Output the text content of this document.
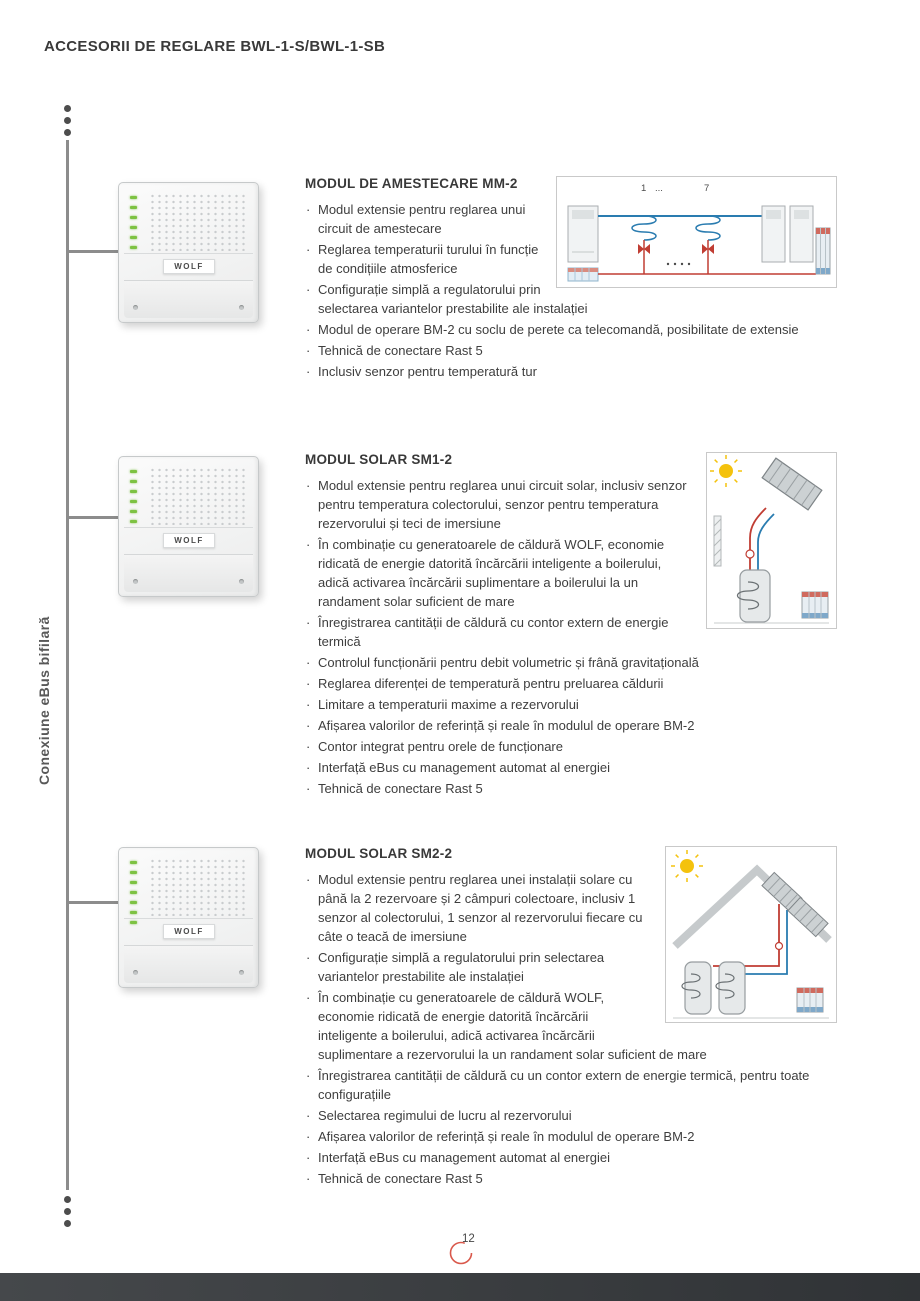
ACCESORII DE REGLARE BWL-1-S/BWL-1-SB
Conexiune eBus bifilară
WOLF
WOLF
WOLF
1 ...	7
MODUL DE AMESTECARE MM-2
· Modul extensie pentru reglarea unui circuit de amestecare
· Reglarea temperaturii turului în funcție de condițiile atmosferice
· Configurație simplă a regulatorului prin selectarea variantelor prestabilite ale instalației
· Modul de operare BM-2 cu soclu de perete ca telecomandă, posibilitate de extensie
· Tehnică de conectare Rast 5
· Inclusiv senzor pentru temperatură tur
MODUL SOLAR SM1-2
· Modul extensie pentru reglarea unui circuit solar, inclusiv senzor pentru temperatura colectorului, senzor pentru temperatura rezervorului și teci de imersiune
· În combinație cu generatoarele de căldură WOLF, economie ridicată de energie datorită încărcării inteligente a boilerului, adică activarea încărcării suplimentare a boilerului la un randament solar suficient de mare
· Înregistrarea cantității de căldură cu contor extern de energie termică
· Controlul funcționării pentru debit volumetric și frână gravitațională
· Reglarea diferenței de temperatură pentru preluarea căldurii
· Limitare a temperaturii maxime a rezervorului
· Afișarea valorilor de referință și reale în modulul de operare BM-2
· Contor integrat pentru orele de funcționare
· Interfață eBus cu management automat al energiei
· Tehnică de conectare Rast 5
MODUL SOLAR SM2-2
· Modul extensie pentru reglarea unei instalații solare cu până la 2 rezervoare și 2 câmpuri colectoare, inclusiv 1 senzor al colectorului, 1 senzor al rezervorului fiecare cu câte o teacă de imersiune
· Configurație simplă a regulatorului prin selectarea variantelor prestabilite ale instalației
· În combinație cu generatoarele de căldură WOLF, economie ridicată de energie datorită încărcării inteligente a boilerului, adică activarea încărcării suplimentare a rezervorului la un randament solar suficient de mare
· Înregistrarea cantității de căldură cu un contor extern de energie termică, pentru toate configurațiile
· Selectarea regimului de lucru al rezervorului
· Afișarea valorilor de referință și reale în modulul de operare BM-2
· Interfață eBus cu management automat al energiei
· Tehnică de conectare Rast 5
12
